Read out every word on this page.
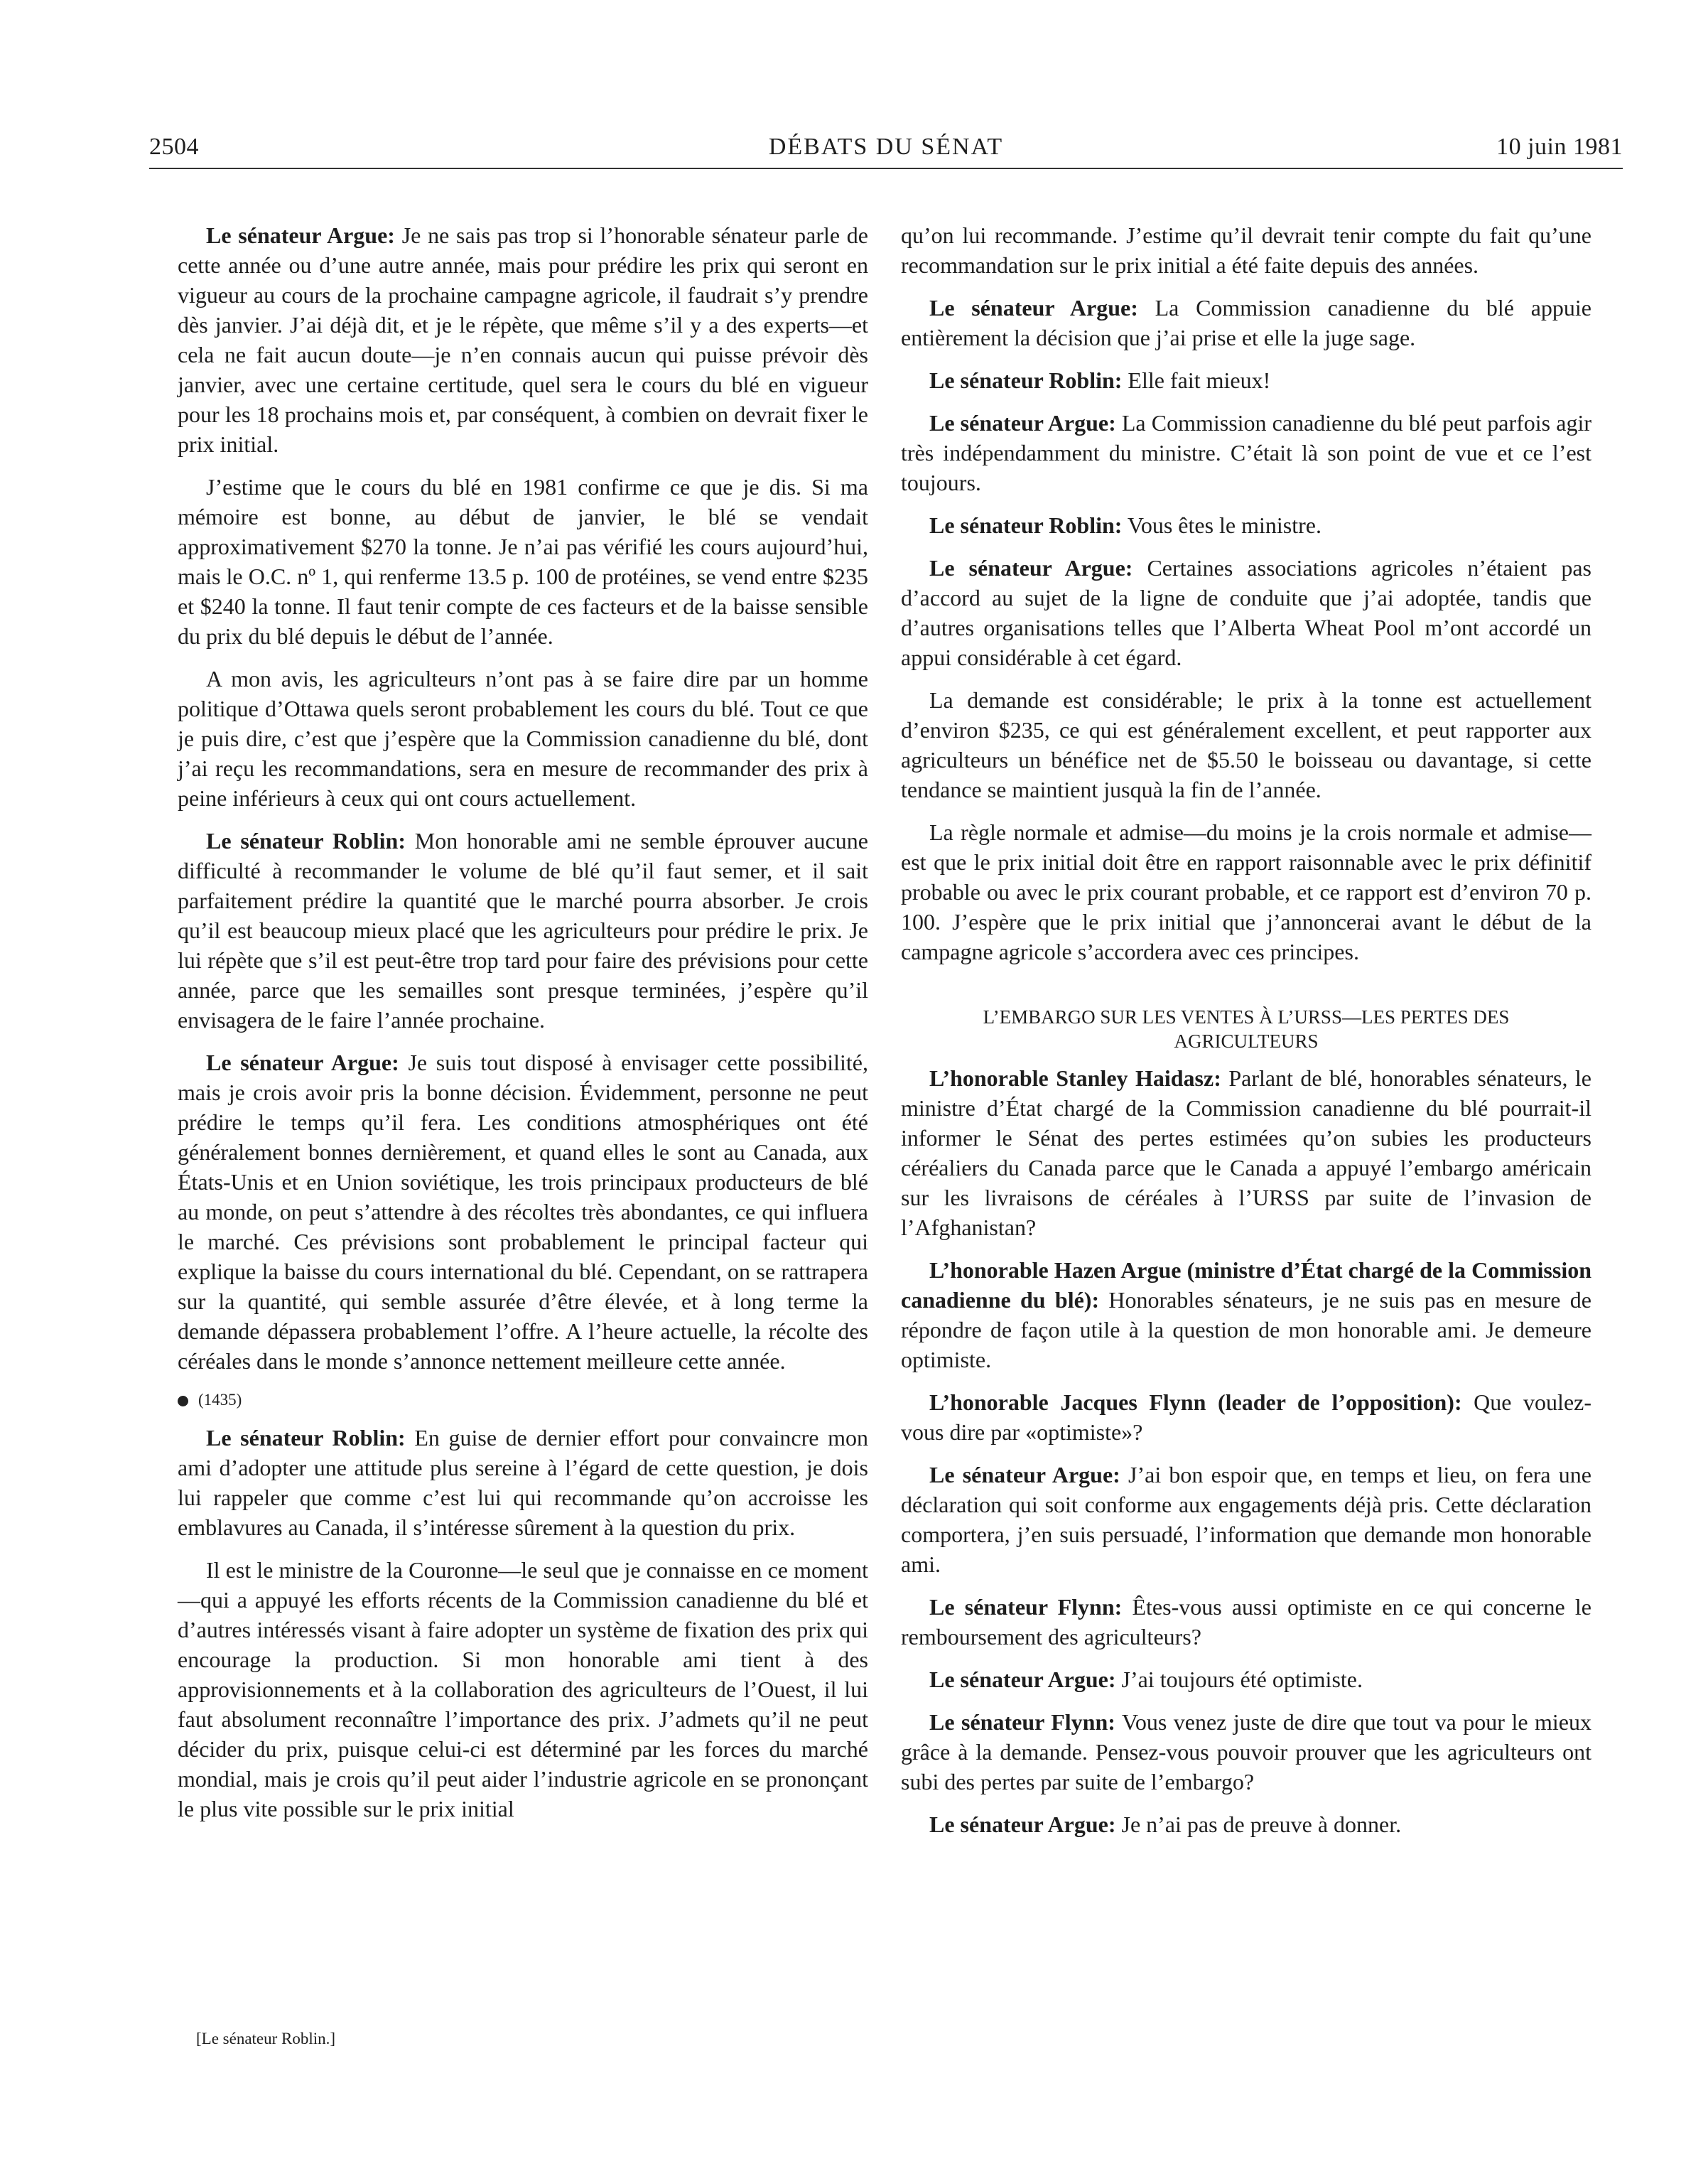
2504	DÉBATS DU SÉNAT	10 juin 1981

Le sénateur Argue: Je ne sais pas trop si l’honorable sénateur parle de cette année ou d’une autre année, mais pour prédire les prix qui seront en vigueur au cours de la prochaine campagne agricole, il faudrait s’y prendre dès janvier. J’ai déjà dit, et je le répète, que même s’il y a des experts—et cela ne fait aucun doute—je n’en connais aucun qui puisse prévoir dès janvier, avec une certaine certitude, quel sera le cours du blé en vigueur pour les 18 prochains mois et, par conséquent, à combien on devrait fixer le prix initial.

J’estime que le cours du blé en 1981 confirme ce que je dis. Si ma mémoire est bonne, au début de janvier, le blé se vendait approximativement $270 la tonne. Je n’ai pas vérifié les cours aujourd’hui, mais le O.C. nº 1, qui renferme 13.5 p. 100 de protéines, se vend entre $235 et $240 la tonne. Il faut tenir compte de ces facteurs et de la baisse sensible du prix du blé depuis le début de l’année.

A mon avis, les agriculteurs n’ont pas à se faire dire par un homme politique d’Ottawa quels seront probablement les cours du blé. Tout ce que je puis dire, c’est que j’espère que la Commission canadienne du blé, dont j’ai reçu les recommandations, sera en mesure de recommander des prix à peine inférieurs à ceux qui ont cours actuellement.

Le sénateur Roblin: Mon honorable ami ne semble éprouver aucune difficulté à recommander le volume de blé qu’il faut semer, et il sait parfaitement prédire la quantité que le marché pourra absorber. Je crois qu’il est beaucoup mieux placé que les agriculteurs pour prédire le prix. Je lui répète que s’il est peut-être trop tard pour faire des prévisions pour cette année, parce que les semailles sont presque terminées, j’espère qu’il envisagera de le faire l’année prochaine.

Le sénateur Argue: Je suis tout disposé à envisager cette possibilité, mais je crois avoir pris la bonne décision. Évidemment, personne ne peut prédire le temps qu’il fera. Les conditions atmosphériques ont été généralement bonnes dernièrement, et quand elles le sont au Canada, aux États-Unis et en Union soviétique, les trois principaux producteurs de blé au monde, on peut s’attendre à des récoltes très abondantes, ce qui influera le marché. Ces prévisions sont probablement le principal facteur qui explique la baisse du cours international du blé. Cependant, on se rattrapera sur la quantité, qui semble assurée d’être élevée, et à long terme la demande dépassera probablement l’offre. A l’heure actuelle, la récolte des céréales dans le monde s’annonce nettement meilleure cette année.

(1435)

Le sénateur Roblin: En guise de dernier effort pour convaincre mon ami d’adopter une attitude plus sereine à l’égard de cette question, je dois lui rappeler que comme c’est lui qui recommande qu’on accroisse les emblavures au Canada, il s’intéresse sûrement à la question du prix.

Il est le ministre de la Couronne—le seul que je connaisse en ce moment—qui a appuyé les efforts récents de la Commission canadienne du blé et d’autres intéressés visant à faire adopter un système de fixation des prix qui encourage la production. Si mon honorable ami tient à des approvisionnements et à la collaboration des agriculteurs de l’Ouest, il lui faut absolument reconnaître l’importance des prix. J’admets qu’il ne peut décider du prix, puisque celui-ci est déterminé par les forces du marché mondial, mais je crois qu’il peut aider l’industrie agricole en se prononçant le plus vite possible sur le prix initial

[Le sénateur Roblin.]

qu’on lui recommande. J’estime qu’il devrait tenir compte du fait qu’une recommandation sur le prix initial a été faite depuis des années.

Le sénateur Argue: La Commission canadienne du blé appuie entièrement la décision que j’ai prise et elle la juge sage.

Le sénateur Roblin: Elle fait mieux!

Le sénateur Argue: La Commission canadienne du blé peut parfois agir très indépendamment du ministre. C’était là son point de vue et ce l’est toujours.

Le sénateur Roblin: Vous êtes le ministre.

Le sénateur Argue: Certaines associations agricoles n’étaient pas d’accord au sujet de la ligne de conduite que j’ai adoptée, tandis que d’autres organisations telles que l’Alberta Wheat Pool m’ont accordé un appui considérable à cet égard.

La demande est considérable; le prix à la tonne est actuellement d’environ $235, ce qui est généralement excellent, et peut rapporter aux agriculteurs un bénéfice net de $5.50 le boisseau ou davantage, si cette tendance se maintient jusquà la fin de l’année.

La règle normale et admise—du moins je la crois normale et admise—est que le prix initial doit être en rapport raisonnable avec le prix définitif probable ou avec le prix courant probable, et ce rapport est d’environ 70 p. 100. J’espère que le prix initial que j’annoncerai avant le début de la campagne agricole s’accordera avec ces principes.

L’EMBARGO SUR LES VENTES À L’URSS—LES PERTES DES
AGRICULTEURS

L’honorable Stanley Haidasz: Parlant de blé, honorables sénateurs, le ministre d’État chargé de la Commission canadienne du blé pourrait-il informer le Sénat des pertes estimées qu’on subies les producteurs céréaliers du Canada parce que le Canada a appuyé l’embargo américain sur les livraisons de céréales à l’URSS par suite de l’invasion de l’Afghanistan?

L’honorable Hazen Argue (ministre d’État chargé de la Commission canadienne du blé): Honorables sénateurs, je ne suis pas en mesure de répondre de façon utile à la question de mon honorable ami. Je demeure optimiste.

L’honorable Jacques Flynn (leader de l’opposition): Que voulez-vous dire par «optimiste»?

Le sénateur Argue: J’ai bon espoir que, en temps et lieu, on fera une déclaration qui soit conforme aux engagements déjà pris. Cette déclaration comportera, j’en suis persuadé, l’information que demande mon honorable ami.

Le sénateur Flynn: Êtes-vous aussi optimiste en ce qui concerne le remboursement des agriculteurs?

Le sénateur Argue: J’ai toujours été optimiste.

Le sénateur Flynn: Vous venez juste de dire que tout va pour le mieux grâce à la demande. Pensez-vous pouvoir prouver que les agriculteurs ont subi des pertes par suite de l’embargo?

Le sénateur Argue: Je n’ai pas de preuve à donner.
